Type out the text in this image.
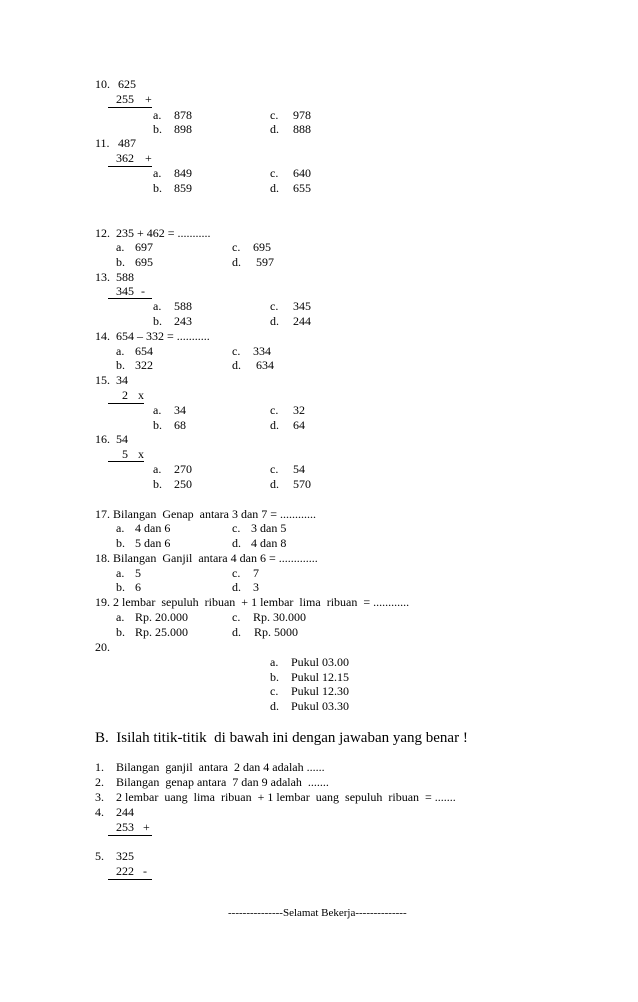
10. 625
255 +
a. 878	c. 978
b. 898	d. 888
11. 487
362 +
a. 849	c. 640
b. 859	d. 655
12.  235 + 462 = ...........
a. 697	c. 695
b. 695	d. 597
13. 588
345 -
a. 588	c. 345
b. 243	d. 244
14.  654 – 332 = ...........
a. 654	c. 334
b. 322	d. 634
15. 34
2 x
a. 34	c. 32
b. 68	d. 64
16. 54
5 x
a. 270	c. 54
b. 250	d. 570
17. Bilangan  Genap  antara 3 dan 7 = ............
a. 4 dan 6	c. 3 dan 5
b. 5 dan 6	d. 4 dan 8
18. Bilangan  Ganjil  antara 4 dan 6 = .............
a. 5	c. 7
b. 6	d. 3
19. 2 lembar  sepuluh  ribuan  + 1 lembar  lima  ribuan  = ............
a. Rp. 20.000	c. Rp. 30.000
b. Rp. 25.000	d. Rp. 5000
20.
a. Pukul 03.00
b. Pukul 12.15
c. Pukul 12.30
d. Pukul 03.30
B.  Isilah titik-titik  di bawah ini dengan jawaban yang benar !
1. Bilangan  ganjil  antara  2 dan 4 adalah ......
2. Bilangan  genap antara  7 dan 9 adalah  .......
3. 2 lembar  uang  lima  ribuan  + 1 lembar  uang  sepuluh  ribuan  = .......
4. 244
253 +
5. 325
222 -
---------------Selamat Bekerja--------------
